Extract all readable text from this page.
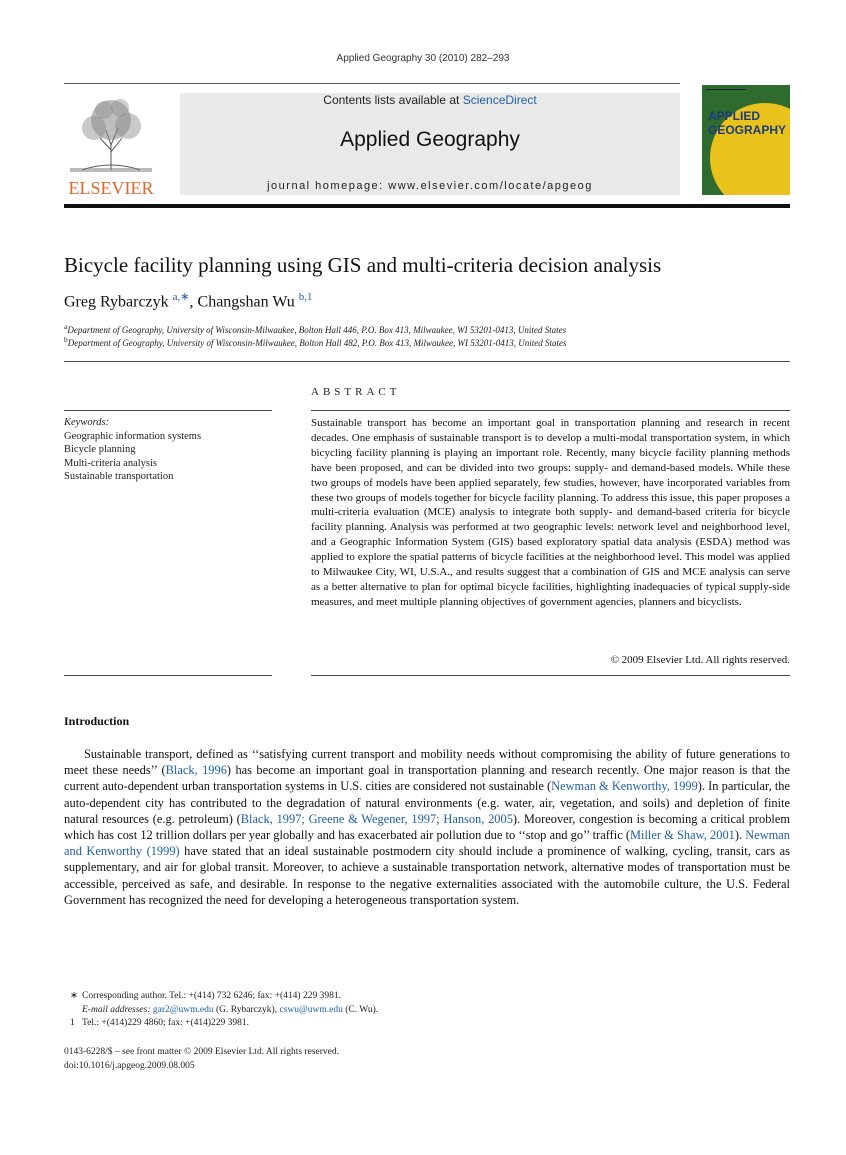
Applied Geography 30 (2010) 282–293
ELSEVIER
Contents lists available at ScienceDirect
Applied Geography
journal homepage: www.elsevier.com/locate/apgeog
APPLIED
GEOGRAPHY
Bicycle facility planning using GIS and multi-criteria decision analysis
Greg Rybarczyk $^{a,∗}$, Changshan Wu $^{b,1}$
$^a$Department of Geography, University of Wisconsin-Milwaukee, Bolton Hall 446, P.O. Box 413, Milwaukee, WI 53201-0413, United States
$^b$Department of Geography, University of Wisconsin-Milwaukee, Bolton Hall 482, P.O. Box 413, Milwaukee, WI 53201-0413, United States
ABSTRACT
Keywords:
Geographic information systems
Bicycle planning
Multi-criteria analysis
Sustainable transportation
Sustainable transport has become an important goal in transportation planning and research in recent decades. One emphasis of sustainable transport is to develop a multi-modal transportation system, in which bicycling facility planning is playing an important role. Recently, many bicycle facility planning methods have been proposed, and can be divided into two groups: supply- and demand-based models. While these two groups of models have been applied separately, few studies, however, have incorporated variables from these two groups of models together for bicycle facility planning. To address this issue, this paper proposes a multi-criteria evaluation (MCE) analysis to integrate both supply- and demand-based criteria for bicycle facility planning. Analysis was performed at two geographic levels: network level and neighborhood level, and a Geographic Information System (GIS) based exploratory spatial data analysis (ESDA) method was applied to explore the spatial patterns of bicycle facilities at the neighborhood level. This model was applied to Milwaukee City, WI, U.S.A., and results suggest that a combination of GIS and MCE analysis can serve as a better alternative to plan for optimal bicycle facilities, highlighting inadequacies of typical supply-side measures, and meet multiple planning objectives of government agencies, planners and bicyclists.
© 2009 Elsevier Ltd. All rights reserved.
Introduction
Sustainable transport, defined as ‘‘satisfying current transport and mobility needs without compromising the ability of future generations to meet these needs’’ (Black, 1996) has become an important goal in transportation planning and research recently. One major reason is that the current auto-dependent urban transportation systems in U.S. cities are considered not sustainable (Newman & Kenworthy, 1999). In particular, the auto-dependent city has contributed to the degradation of natural environments (e.g. water, air, vegetation, and soils) and depletion of finite natural resources (e.g. petroleum) (Black, 1997; Greene & Wegener, 1997; Hanson, 2005). Moreover, congestion is becoming a critical problem which has cost 12 trillion dollars per year globally and has exacerbated air pollution due to ‘‘stop and go’’ traffic (Miller & Shaw, 2001). Newman and Kenworthy (1999) have stated that an ideal sustainable postmodern city should include a prominence of walking, cycling, transit, cars as supplementary, and air for global transit. Moreover, to achieve a sustainable transportation network, alternative modes of transportation must be accessible, perceived as safe, and desirable. In response to the negative externalities associated with the automobile culture, the U.S. Federal Government has recognized the need for developing a heterogeneous transportation system.
∗ Corresponding author. Tel.: +(414) 732 6246; fax: +(414) 229 3981.
E-mail addresses: gar2@uwm.edu (G. Rybarczyk), cswu@uwm.edu (C. Wu).
1 Tel.: +(414)229 4860; fax: +(414)229 3981.
0143-6228/$ – see front matter © 2009 Elsevier Ltd. All rights reserved.
doi:10.1016/j.apgeog.2009.08.005
